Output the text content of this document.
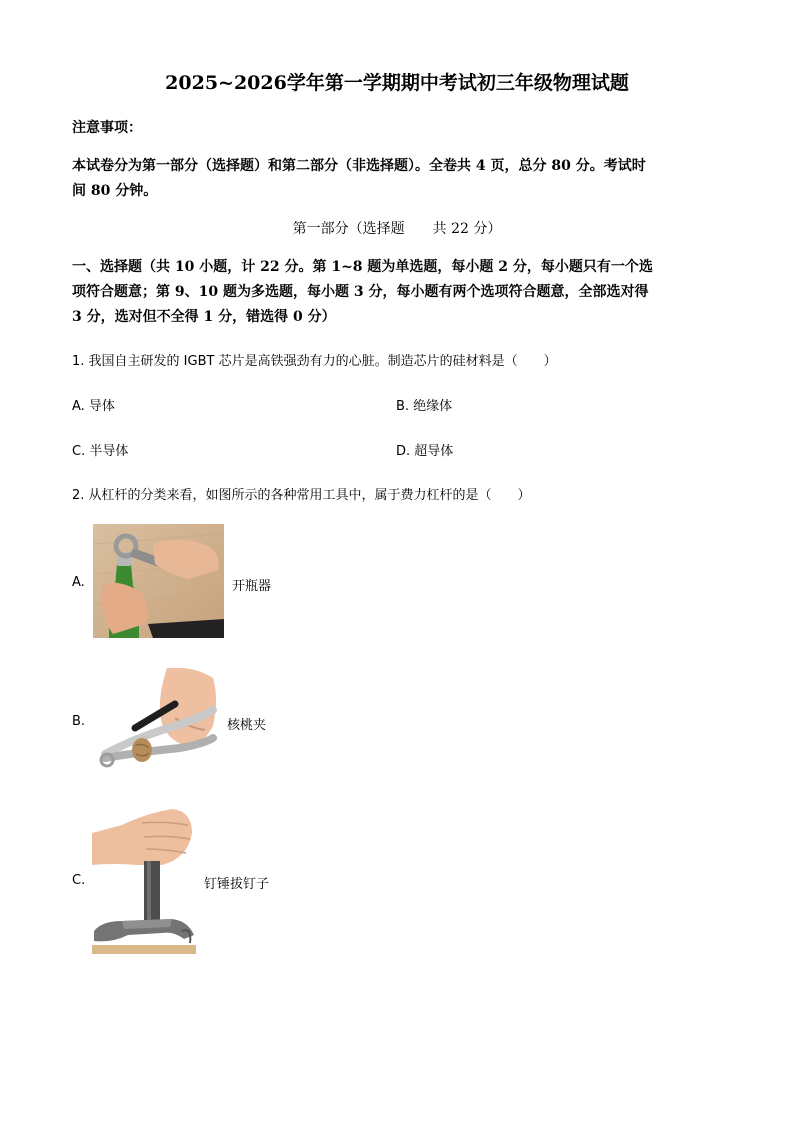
2025~2026学年第一学期期中考试初三年级物理试题
注意事项：
本试卷分为第一部分（选择题）和第二部分（非选择题）。全卷共 4 页，总分 80 分。考试时
间 80 分钟。
第一部分（选择题　　共 22 分）
一、选择题（共 10 小题，计 22 分。第 1~8 题为单选题，每小题 2 分，每小题只有一个选
项符合题意；第 9、10 题为多选题，每小题 3 分，每小题有两个选项符合题意，全部选对得
3 分，选对但不全得 1 分，错选得 0 分）
1. 我国自主研发的 IGBT 芯片是高铁强劲有力的心脏。制造芯片的硅材料是（　　）
A. 导体	B. 绝缘体
C. 半导体	D. 超导体
2. 从杠杆的分类来看，如图所示的各种常用工具中，属于费力杠杆的是（　　）
A.	开瓶器
B.	核桃夹
C.	钉锤拔钉子
